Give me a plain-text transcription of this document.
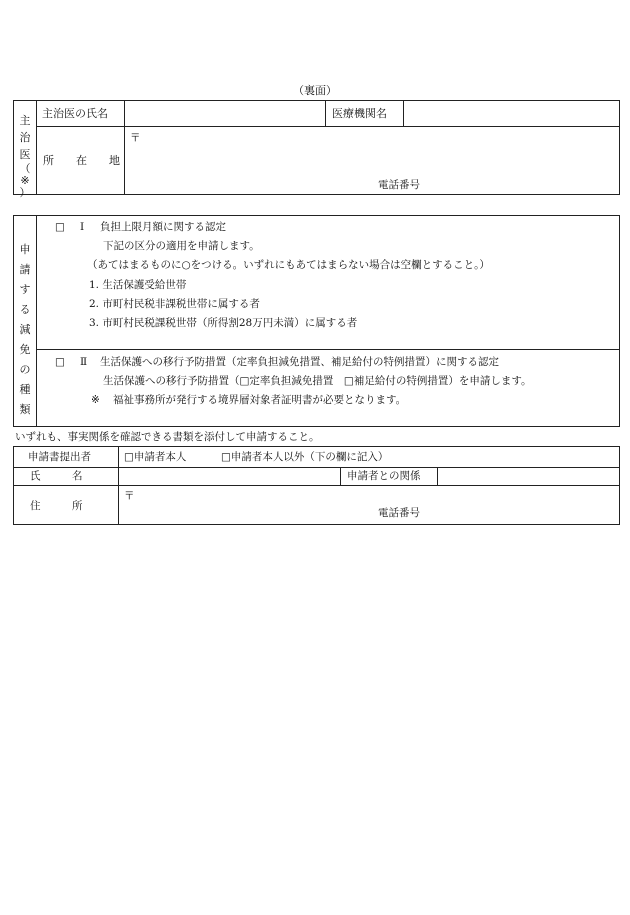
（裏面）
主
治
医
（
※
）
主治医の氏名	医療機関名
〒
所　　在　　地
電話番号
申
請
す
る
減
免
の
種
類
□ Ⅰ 負担上限月額に関する認定
下記の区分の適用を申請します。
（あてはまるものに○をつける。いずれにもあてはまらない場合は空欄とすること。）
1. 生活保護受給世帯
2. 市町村民税非課税世帯に属する者
3. 市町村民税課税世帯（所得割28万円未満）に属する者
□ Ⅱ 生活保護への移行予防措置（定率負担減免措置、補足給付の特例措置）に関する認定
生活保護への移行予防措置（□定率負担減免措置　□補足給付の特例措置）を申請します。
※ 福祉事務所が発行する境界層対象者証明書が必要となります。
いずれも、事実関係を確認できる書類を添付して申請すること。
申請書提出者	□申請者本人	□申請者本人以外（下の欄に記入）
氏　　　名	申請者との関係
住　　　所
〒
電話番号
